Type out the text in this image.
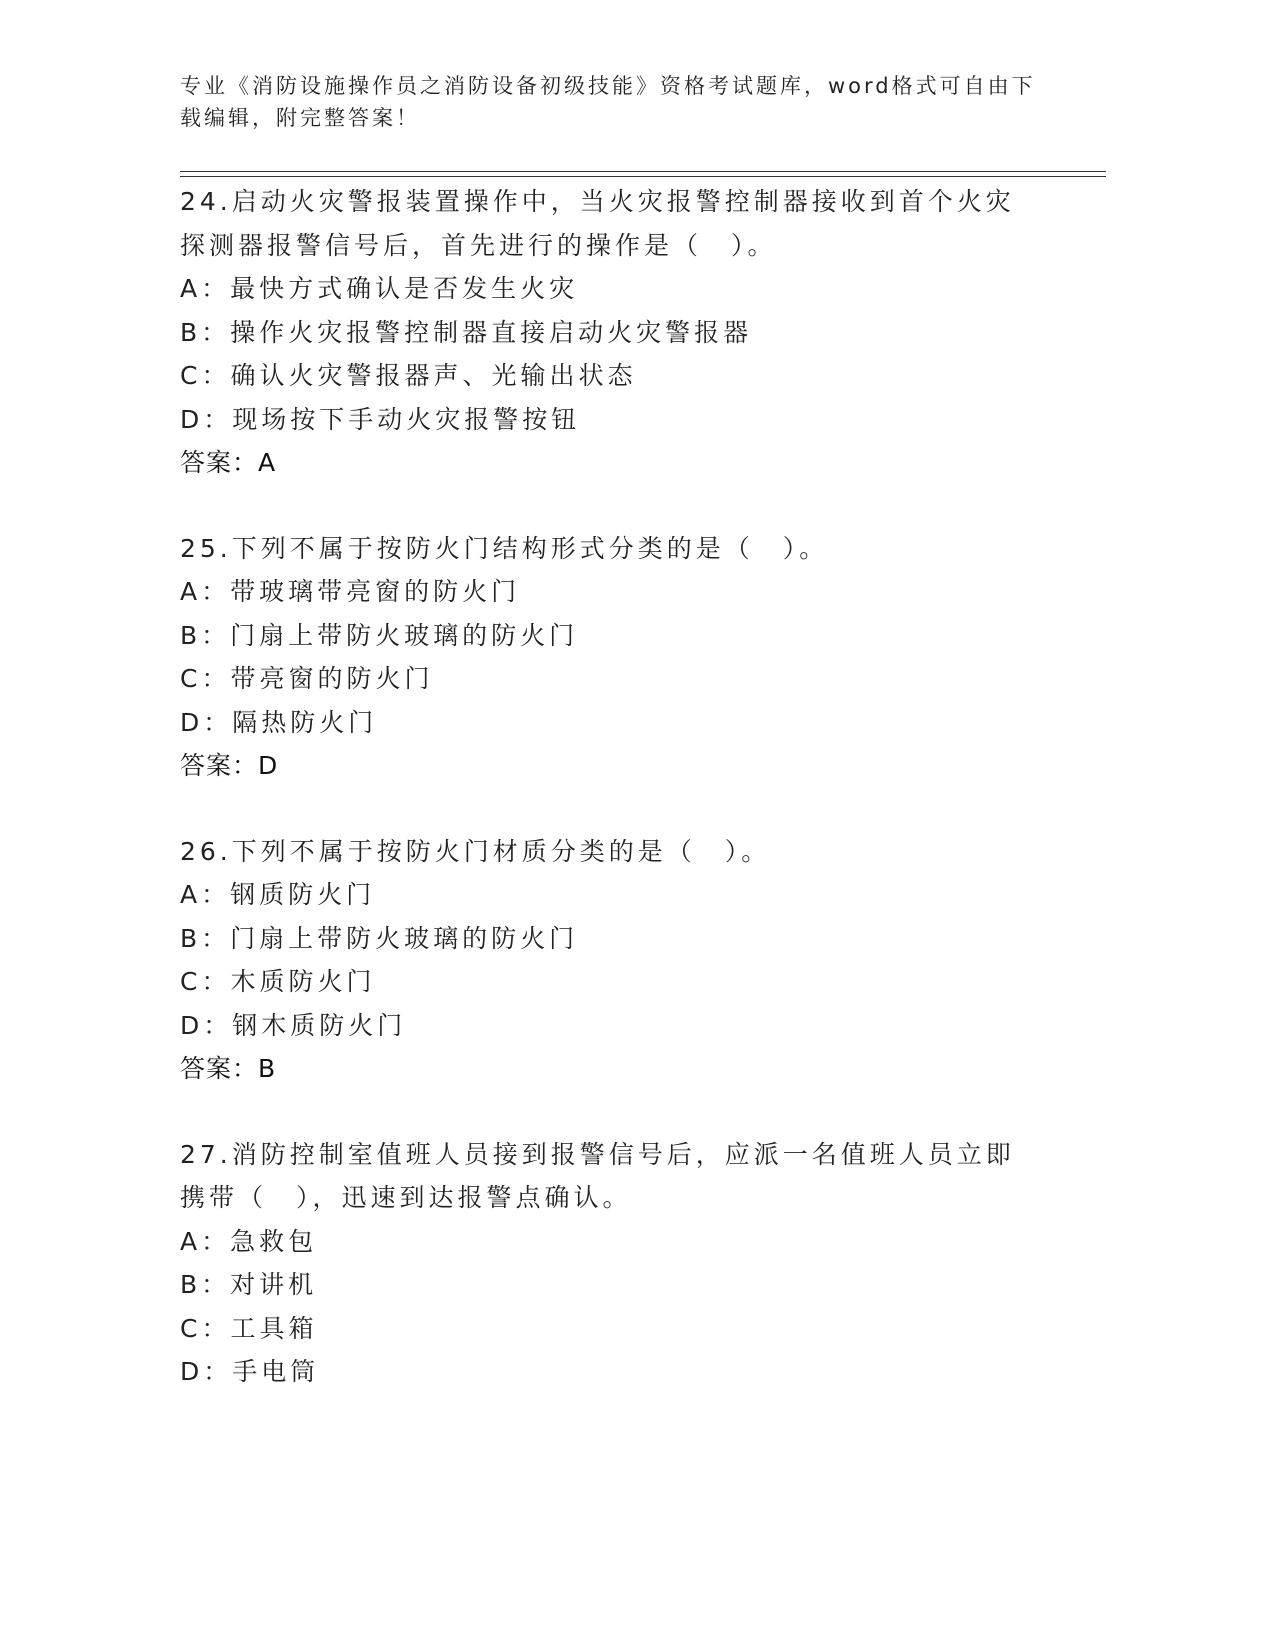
专业《消防设施操作员之消防设备初级技能》资格考试题库，word格式可自由下载编辑，附完整答案！
24.启动火灾警报装置操作中，当火灾报警控制器接收到首个火灾探测器报警信号后，首先进行的操作是（　）。
A：最快方式确认是否发生火灾
B：操作火灾报警控制器直接启动火灾警报器
C：确认火灾警报器声、光输出状态
D：现场按下手动火灾报警按钮
答案：A
25.下列不属于按防火门结构形式分类的是（　）。
A：带玻璃带亮窗的防火门
B：门扇上带防火玻璃的防火门
C：带亮窗的防火门
D：隔热防火门
答案：D
26.下列不属于按防火门材质分类的是（　）。
A：钢质防火门
B：门扇上带防火玻璃的防火门
C：木质防火门
D：钢木质防火门
答案：B
27.消防控制室值班人员接到报警信号后，应派一名值班人员立即携带（　），迅速到达报警点确认。
A：急救包
B：对讲机
C：工具箱
D：手电筒
